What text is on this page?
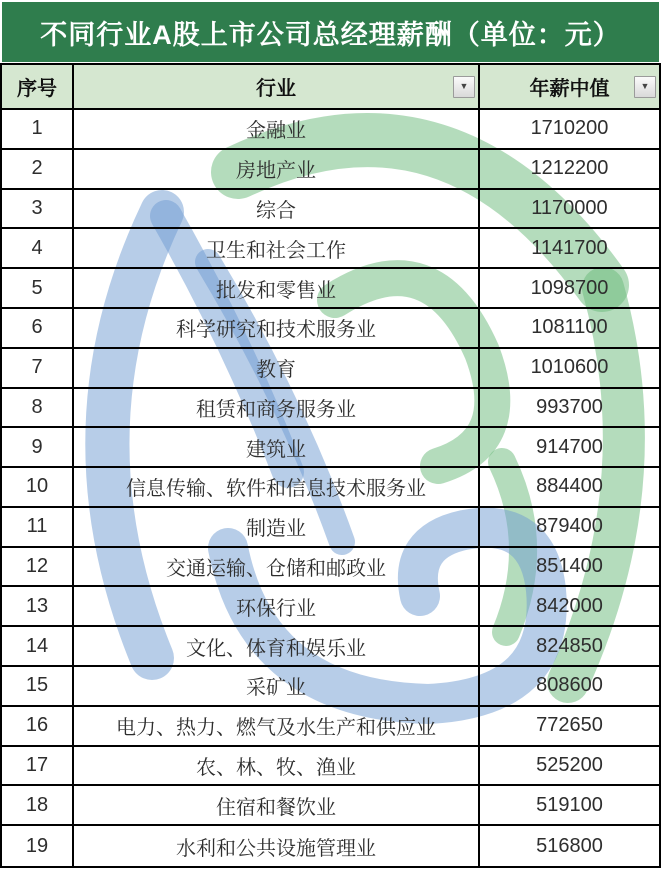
不同行业A股上市公司总经理薪酬（单位：元）
序号	行业	▼	年薪中值	▼
1	金融业	1710200
2	房地产业	1212200
3	综合	1170000
4	卫生和社会工作	1141700
5	批发和零售业	1098700
6	科学研究和技术服务业	1081100
7	教育	1010600
8	租赁和商务服务业	993700
9	建筑业	914700
10	信息传输、软件和信息技术服务业	884400
11	制造业	879400
12	交通运输、仓储和邮政业	851400
13	环保行业	842000
14	文化、体育和娱乐业	824850
15	采矿业	808600
16	电力、热力、燃气及水生产和供应业	772650
17	农、林、牧、渔业	525200
18	住宿和餐饮业	519100
19	水利和公共设施管理业	516800
